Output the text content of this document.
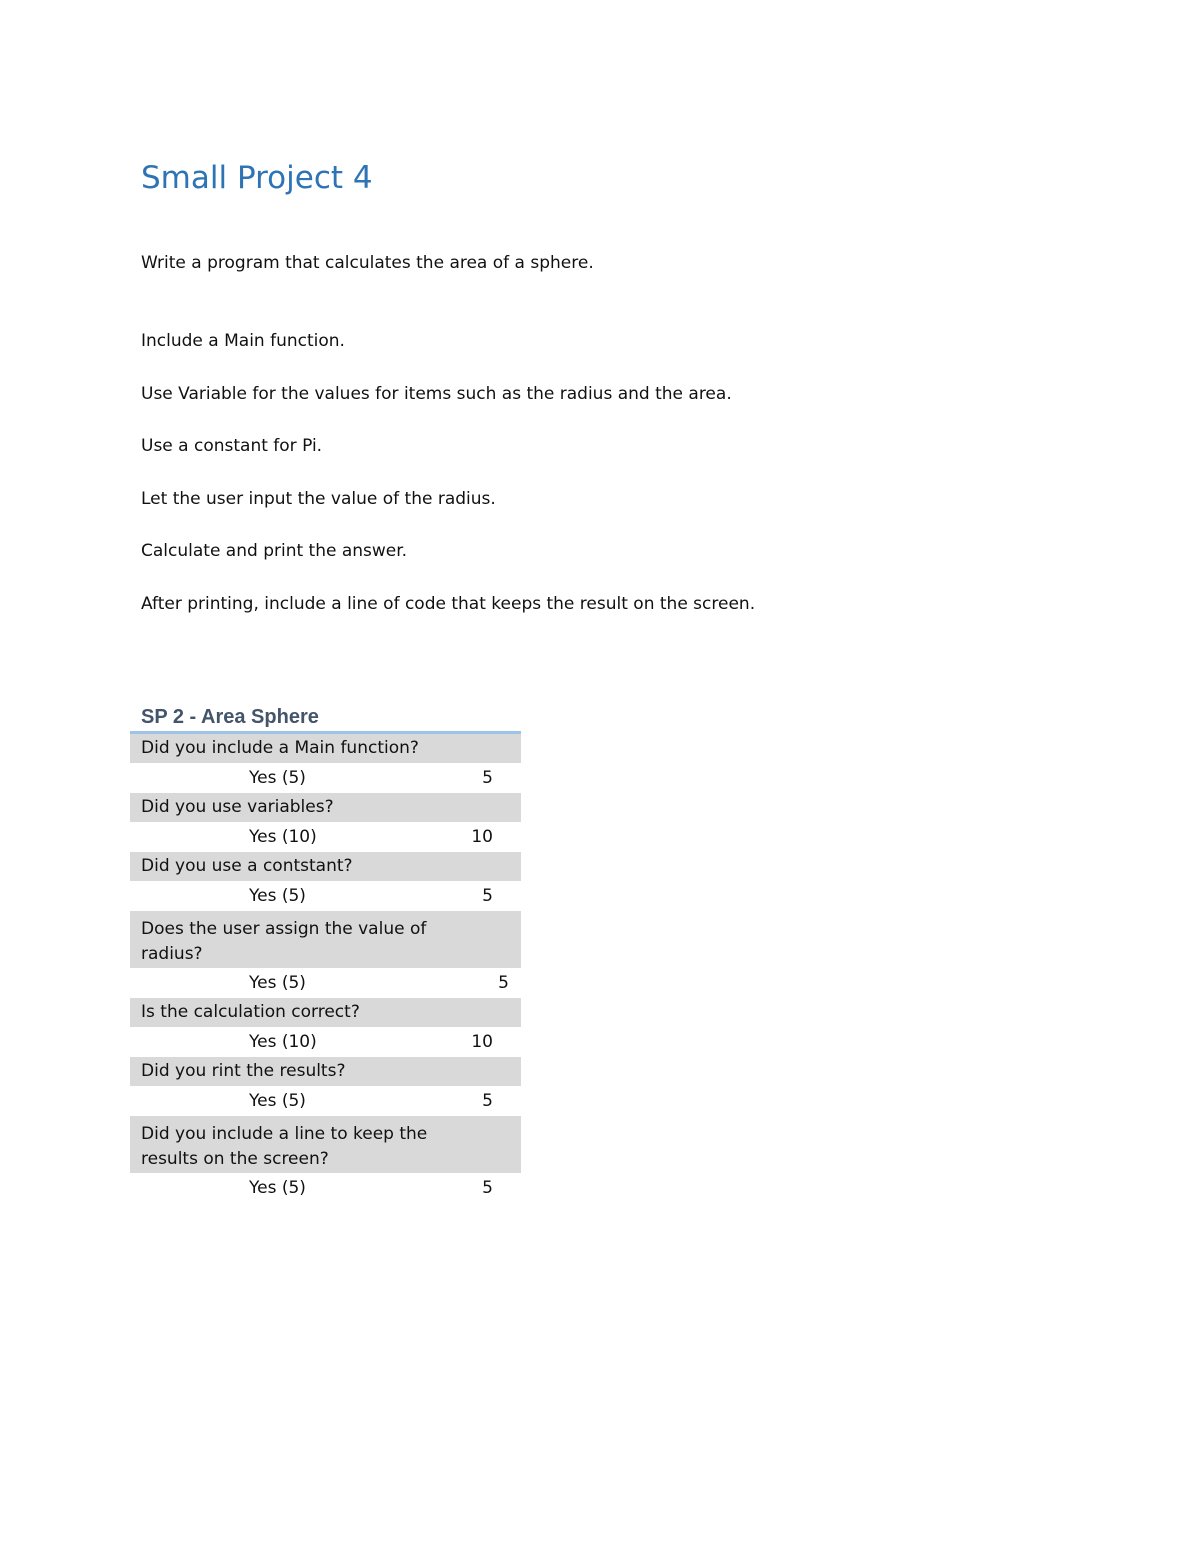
Small Project 4

Write a program that calculates the area of a sphere.

Include a Main function.
Use Variable for the values for items such as the radius and the area.
Use a constant for Pi.
Let the user input the value of the radius.
Calculate and print the answer.
After printing, include a line of code that keeps the result on the screen.
SP 2 - Area Sphere
Did you include a Main function?
Yes (5)	5
Did you use variables?
Yes (10)	10
Did you use a contstant?
Yes (5)	5
Does the user assign the value of radius?
Yes (5)	5
Is the calculation correct?
Yes (10)	10
Did you rint the results?
Yes (5)	5
Did you include a line to keep the results on the screen?
Yes (5)	5
